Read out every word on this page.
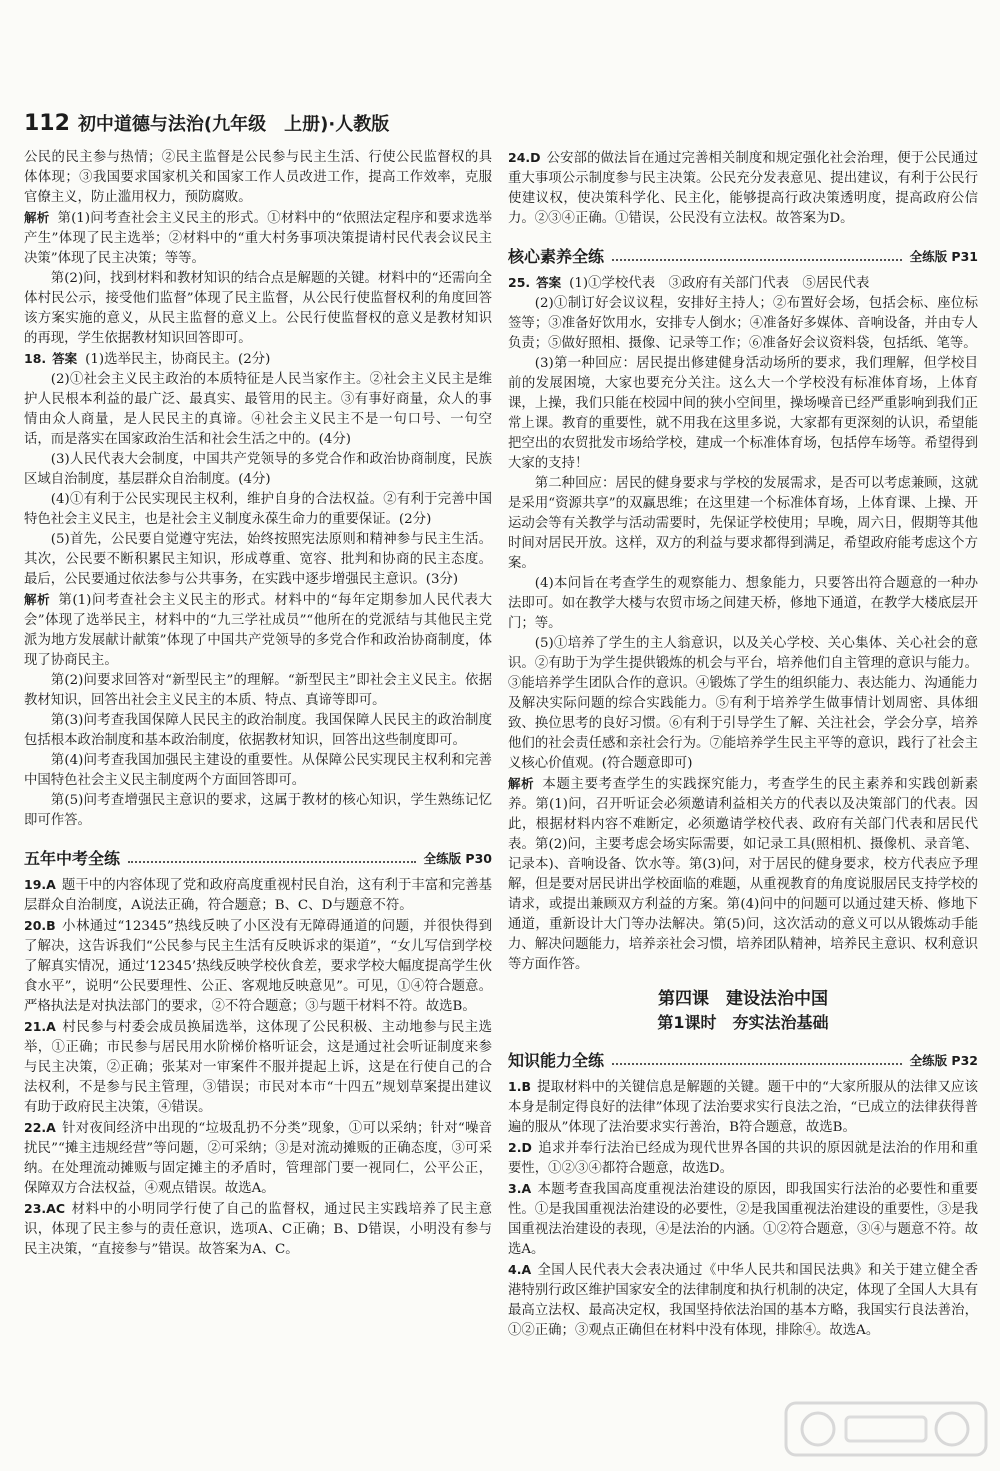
112 初中道德与法治(九年级　上册)·人教版

公民的民主参与热情；②民主监督是公民参与民主生活、行使公民监督权的具体体现；③我国要求国家机关和国家工作人员改进工作，提高工作效率，克服官僚主义，防止滥用权力，预防腐败。

解析 第(1)问考查社会主义民主的形式。①材料中的“依照法定程序和要求选举产生”体现了民主选举；②材料中的“重大村务事项决策提请村民代表会议民主决策”体现了民主决策；等等。

第(2)问，找到材料和教材知识的结合点是解题的关键。材料中的“还需向全体村民公示，接受他们监督”体现了民主监督，从公民行使监督权利的角度回答该方案实施的意义，从民主监督的意义上。公民行使监督权的意义是教材知识的再现，学生依据教材知识回答即可。

18. 答案 (1)选举民主，协商民主。(2分)

(2)①社会主义民主政治的本质特征是人民当家作主。②社会主义民主是维护人民根本利益的最广泛、最真实、最管用的民主。③有事好商量，众人的事情由众人商量，是人民民主的真谛。④社会主义民主不是一句口号、一句空话，而是落实在国家政治生活和社会生活之中的。(4分)

(3)人民代表大会制度，中国共产党领导的多党合作和政治协商制度，民族区域自治制度，基层群众自治制度。(4分)

(4)①有利于公民实现民主权利，维护自身的合法权益。②有利于完善中国特色社会主义民主，也是社会主义制度永葆生命力的重要保证。(2分)

(5)首先，公民要自觉遵守宪法，始终按照宪法原则和精神参与民主生活。其次，公民要不断积累民主知识，形成尊重、宽容、批判和协商的民主态度。最后，公民要通过依法参与公共事务，在实践中逐步增强民主意识。(3分)

解析 第(1)问考查社会主义民主的形式。材料中的“每年定期参加人民代表大会”体现了选举民主，材料中的“九三学社成员”“他所在的党派结与其他民主党派为地方发展献计献策”体现了中国共产党领导的多党合作和政治协商制度，体现了协商民主。

第(2)问要求回答对“新型民主”的理解。“新型民主”即社会主义民主。依据教材知识，回答出社会主义民主的本质、特点、真谛等即可。

第(3)问考查我国保障人民民主的政治制度。我国保障人民民主的政治制度包括根本政治制度和基本政治制度，依据教材知识，回答出这些制度即可。

第(4)问考查我国加强民主建设的重要性。从保障公民实现民主权利和完善中国特色社会主义民主制度两个方面回答即可。

第(5)问考查增强民主意识的要求，这属于教材的核心知识，学生熟练记忆即可作答。

五年中考全练	全练版 P30

19.A 题干中的内容体现了党和政府高度重视村民自治，这有利于丰富和完善基层群众自治制度，A说法正确，符合题意；B、C、D与题意不符。

20.B 小林通过“12345”热线反映了小区没有无障碍通道的问题，并很快得到了解决，这告诉我们“公民参与民主生活有反映诉求的渠道”，“女儿写信到学校了解真实情况，通过‘12345’热线反映学校伙食差，要求学校大幅度提高学生伙食水平”，说明“公民要理性、公正、客观地反映意见”。可见，①④符合题意。严格执法是对执法部门的要求，②不符合题意；③与题干材料不符。故选B。

21.A 村民参与村委会成员换届选举，这体现了公民积极、主动地参与民主选举，①正确；市民参与居民用水阶梯价格听证会，这是通过社会听证制度来参与民主决策，②正确；张某对一审案件不服并提起上诉，这是在行使自己的合法权利，不是参与民主管理，③错误；市民对本市“十四五”规划草案提出建议有助于政府民主决策，④错误。

22.A 针对夜间经济中出现的“垃圾乱扔不分类”现象，①可以采纳；针对“噪音扰民”“摊主违规经营”等问题，②可采纳；③是对流动摊贩的正确态度，③可采纳。在处理流动摊贩与固定摊主的矛盾时，管理部门要一视同仁，公平公正，保障双方合法权益，④观点错误。故选A。

23.AC 材料中的小明同学行使了自己的监督权，通过民主实践培养了民主意识，体现了民主参与的责任意识，选项A、C正确；B、D错误，小明没有参与民主决策，“直接参与”错误。故答案为A、C。

24.D 公安部的做法旨在通过完善相关制度和规定强化社会治理，便于公民通过重大事项公示制度参与民主决策。公民充分发表意见、提出建议，有利于公民行使建议权，使决策科学化、民主化，能够提高行政决策透明度，提高政府公信力。②③④正确。①错误，公民没有立法权。故答案为D。

核心素养全练	全练版 P31

25. 答案 (1)①学校代表　③政府有关部门代表　⑤居民代表

(2)①制订好会议议程，安排好主持人；②布置好会场，包括会标、座位标签等；③准备好饮用水，安排专人倒水；④准备好多媒体、音响设备，并由专人负责；⑤做好照相、摄像、记录等工作；⑥准备好会议资料袋，包括纸、笔等。

(3)第一种回应：居民提出修建健身活动场所的要求，我们理解，但学校目前的发展困境，大家也要充分关注。这么大一个学校没有标准体育场，上体育课，上操，我们只能在校园中间的狭小空间里，操场噪音已经严重影响到我们正常上课。教育的重要性，就不用我在这里多说，大家都有更深刻的认识，希望能把空出的农贸批发市场给学校，建成一个标准体育场，包括停车场等。希望得到大家的支持！

第二种回应：居民的健身要求与学校的发展需求，是否可以考虑兼顾，这就是采用“资源共享”的双赢思维；在这里建一个标准体育场，上体育课、上操、开运动会等有关教学与活动需要时，先保证学校使用；早晚，周六日，假期等其他时间对居民开放。这样，双方的利益与要求都得到满足，希望政府能考虑这个方案。

(4)本问旨在考查学生的观察能力、想象能力，只要答出符合题意的一种办法即可。如在教学大楼与农贸市场之间建天桥，修地下通道，在教学大楼底层开门；等。

(5)①培养了学生的主人翁意识，以及关心学校、关心集体、关心社会的意识。②有助于为学生提供锻炼的机会与平台，培养他们自主管理的意识与能力。③能培养学生团队合作的意识。④锻炼了学生的组织能力、表达能力、沟通能力及解决实际问题的综合实践能力。⑤有利于培养学生做事情计划周密、具体细致、换位思考的良好习惯。⑥有利于引导学生了解、关注社会，学会分享，培养他们的社会责任感和亲社会行为。⑦能培养学生民主平等的意识，践行了社会主义核心价值观。(符合题意即可)

解析 本题主要考查学生的实践探究能力，考查学生的民主素养和实践创新素养。第(1)问，召开听证会必须邀请利益相关方的代表以及决策部门的代表。因此，根据材料内容不难断定，必须邀请学校代表、政府有关部门代表和居民代表。第(2)问，主要考虑会场实际需要，如记录工具(照相机、摄像机、录音笔、记录本)、音响设备、饮水等。第(3)问，对于居民的健身要求，校方代表应予理解，但是要对居民讲出学校面临的难题，从重视教育的角度说服居民支持学校的请求，或提出兼顾双方利益的方案。第(4)问中的问题可以通过建天桥、修地下通道，重新设计大门等办法解决。第(5)问，这次活动的意义可以从锻炼动手能力、解决问题能力，培养亲社会习惯，培养团队精神，培养民主意识、权利意识等方面作答。

第四课　建设法治中国
第1课时　夯实法治基础
知识能力全练	全练版 P32

1.B 提取材料中的关键信息是解题的关键。题干中的“大家所服从的法律又应该本身是制定得良好的法律”体现了法治要求实行良法之治，“已成立的法律获得普遍的服从”体现了法治要求实行善治，B符合题意，故选B。

2.D 追求并奉行法治已经成为现代世界各国的共识的原因就是法治的作用和重要性，①②③④都符合题意，故选D。

3.A 本题考查我国高度重视法治建设的原因，即我国实行法治的必要性和重要性。①是我国重视法治建设的必要性，②是我国重视法治建设的重要性，③是我国重视法治建设的表现，④是法治的内涵。①②符合题意，③④与题意不符。故选A。

4.A 全国人民代表大会表决通过《中华人民共和国民法典》和关于建立健全香港特别行政区维护国家安全的法律制度和执行机制的决定，体现了全国人大具有最高立法权、最高决定权，我国坚持依法治国的基本方略，我国实行良法善治，①②正确；③观点正确但在材料中没有体现，排除④。故选A。
